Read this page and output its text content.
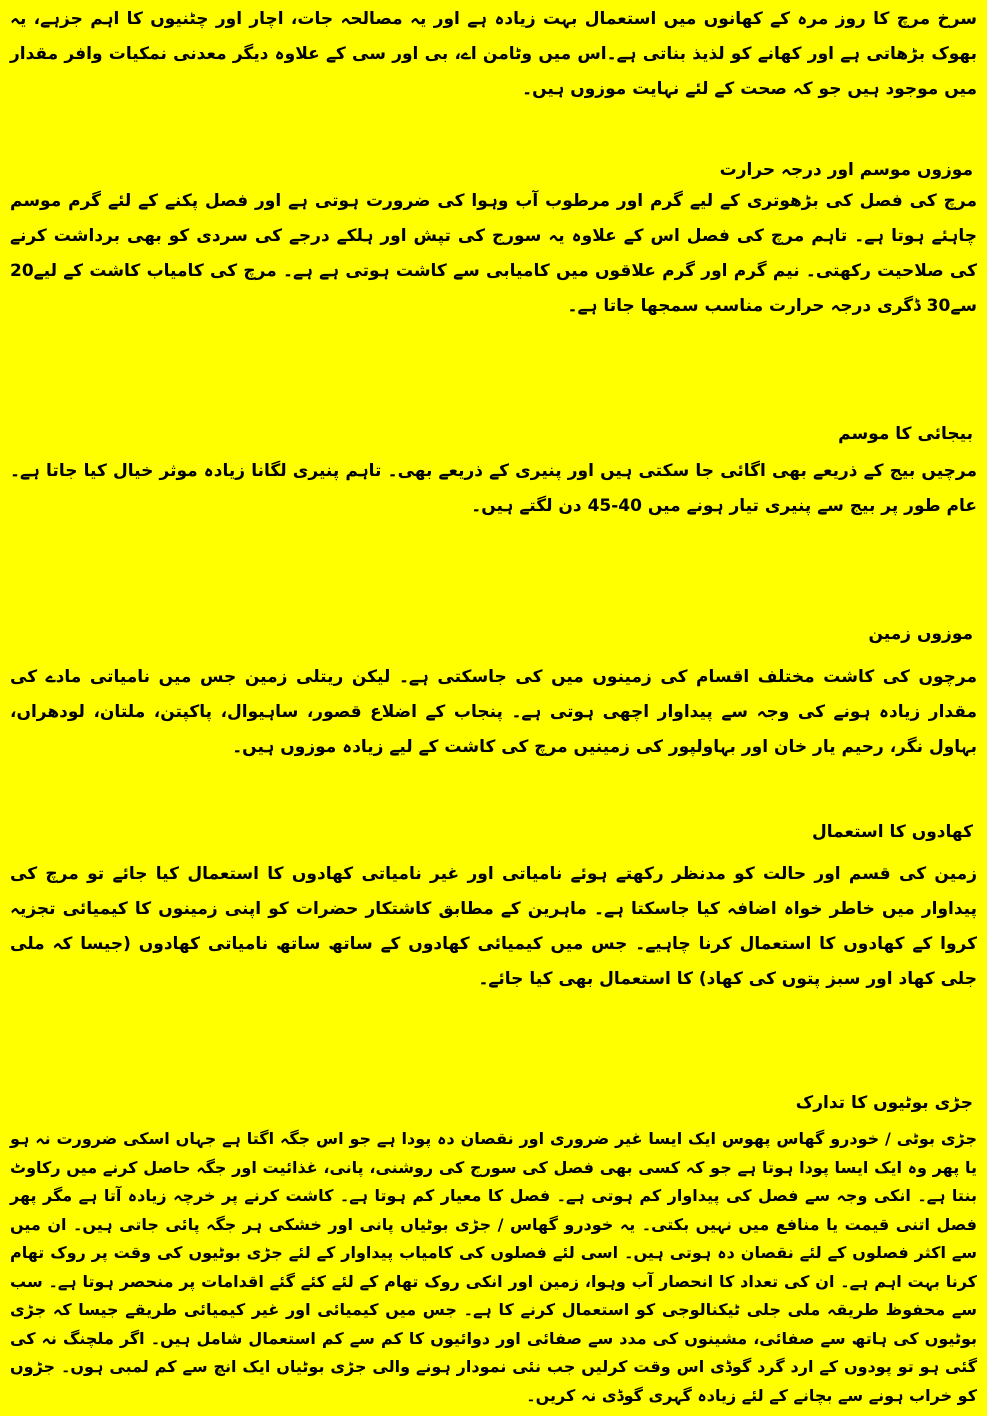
سرخ مرچ کا روز مرہ کے کھانوں میں استعمال بہت زیادہ ہے اور یہ مصالحہ جات، اچار اور چٹنیوں کا اہم جزہے، یہ بھوک بڑھاتی ہے اور کھانے کو لذیذ بناتی ہے۔اس میں وٹامن اے، بی اور سی کے علاوہ دیگر معدنی نمکیات وافر مقدار میں موجود ہیں جو کہ صحت کے لئے نہایت موزوں ہیں۔

موزوں موسم اور درجہ حرارت

مرچ کی فصل کی بڑھوتری کے لیے گرم اور مرطوب آب وہوا کی ضرورت ہوتی ہے اور فصل پکنے کے لئے گرم موسم چاہئے ہوتا ہے۔ تاہم مرچ کی فصل اس کے علاوہ یہ سورج کی تپش اور ہلکے درجے کی سردی کو بھی برداشت کرنے کی صلاحیت رکھتی۔ نیم گرم اور گرم علاقوں میں کامیابی سے کاشت ہوتی ہے ہے۔ مرچ کی کامیاب کاشت کے لیے20 سے30 ڈگری درجہ حرارت مناسب سمجھا جاتا ہے۔

بیجائی کا موسم

مرچیں بیج کے ذریعے بھی اگائی جا سکتی ہیں اور پنیری کے ذریعے بھی۔ تاہم پنیری لگانا زیادہ موثر خیال کیا جاتا ہے۔ عام طور پر بیج سے پنیری تیار ہونے میں 40-45 دن لگتے ہیں۔

موزوں زمین

مرچوں کی کاشت مختلف اقسام کی زمینوں میں کی جاسکتی ہے۔ لیکن ریتلی زمین جس میں نامیاتی مادے کی مقدار زیادہ ہونے کی وجہ سے پیداوار اچھی ہوتی ہے۔ پنجاب کے اضلاع قصور، ساہیوال، پاکپتن، ملتان، لودھراں، بہاول نگر، رحیم یار خان اور بہاولپور کی زمینیں مرچ کی کاشت کے لیے زیادہ موزوں ہیں۔

کھادوں کا استعمال

زمین کی قسم اور حالت کو مدنظر رکھتے ہوئے نامیاتی اور غیر نامیاتی کھادوں کا استعمال کیا جائے تو مرچ کی پیداوار میں خاطر خواہ اضافہ کیا جاسکتا ہے۔ ماہرین کے مطابق کاشتکار حضرات کو اپنی زمینوں کا کیمیائی تجزیہ کروا کے کھادوں کا استعمال کرنا چاہیے۔ جس میں کیمیائی کھادوں کے ساتھ ساتھ نامیاتی کھادوں (جیسا کہ ملی جلی کھاد اور سبز پتوں کی کھاد) کا استعمال بھی کیا جائے۔

جڑی بوٹیوں کا تدارک

جڑی بوٹی / خودرو گھاس پھوس ایک ایسا غیر ضروری اور نقصان دہ پودا ہے جو اس جگہ اگتا ہے جہاں اسکی ضرورت نہ ہو یا پھر وہ ایک ایسا پودا ہوتا ہے جو کہ کسی بھی فصل کی سورج کی روشنی، پانی، غذائیت اور جگہ حاصل کرنے میں رکاوٹ بنتا ہے۔ انکی وجہ سے فصل کی پیداوار کم ہوتی ہے۔ فصل کا معیار کم ہوتا ہے۔ کاشت کرنے پر خرچہ زیادہ آتا ہے مگر پھر فصل اتنی قیمت یا منافع میں نہیں بکتی۔ یہ خودرو گھاس / جڑی بوٹیاں پانی اور خشکی ہر جگہ پائی جاتی ہیں۔ ان میں سے اکثر فصلوں کے لئے نقصان دہ ہوتی ہیں۔ اسی لئے فصلوں کی کامیاب پیداوار کے لئے جڑی بوٹیوں کی وقت پر روک تھام کرنا بہت اہم ہے۔ ان کی تعداد کا انحصار آب وہوا، زمین اور انکی روک تھام کے لئے کئے گئے اقدامات پر منحصر ہوتا ہے۔ سب سے محفوظ طریقہ ملی جلی ٹیکنالوجی کو استعمال کرنے کا ہے۔ جس میں کیمیائی اور غیر کیمیائی طریقے جیسا کہ جڑی بوٹیوں کی ہاتھ سے صفائی، مشینوں کی مدد سے صفائی اور دوائیوں کا کم سے کم استعمال شامل ہیں۔ اگر ملچنگ نہ کی گئی ہو تو پودوں کے ارد گرد گوڈی اس وقت کرلیں جب نئی نمودار ہونے والی جڑی بوٹیاں ایک انچ سے کم لمبی ہوں۔ جڑوں کو خراب ہونے سے بچانے کے لئے زیادہ گہری گوڈی نہ کریں۔
